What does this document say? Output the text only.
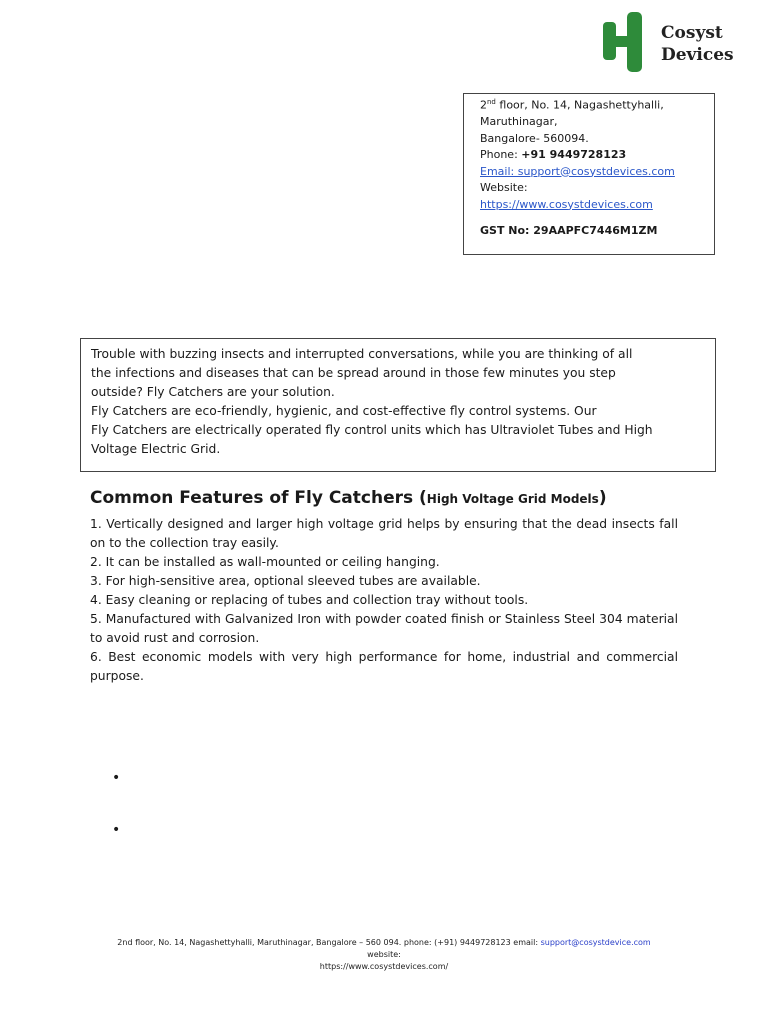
Cosyst
Devices
2nd floor, No. 14, Nagashettyhalli,
Maruthinagar,
Bangalore- 560094.
Phone: +91 9449728123
Email: support@cosystdevices.com
Website:
https://www.cosystdevices.com
GST No: 29AAPFC7446M1ZM
Trouble with buzzing insects and interrupted conversations, while you are thinking of all
the infections and diseases that can be spread around in those few minutes you step
outside? Fly Catchers are your solution.
Fly Catchers are eco-friendly, hygienic, and cost-effective fly control systems. Our
Fly Catchers are electrically operated fly control units which has Ultraviolet Tubes and High
Voltage Electric Grid.
Common Features of Fly Catchers (High Voltage Grid Models)
1. Vertically designed and larger high voltage grid helps by ensuring that the dead insects fall on to the collection tray easily.
2. It can be installed as wall-mounted or ceiling hanging.
3. For high-sensitive area, optional sleeved tubes are available.
4. Easy cleaning or replacing of tubes and collection tray without tools.
5. Manufactured with Galvanized Iron with powder coated finish or Stainless Steel 304 material to avoid rust and corrosion.
6. Best economic models with very high performance for home, industrial and commercial purpose.
•
•
2nd floor, No. 14, Nagashettyhalli, Maruthinagar, Bangalore – 560 094. phone: (+91) 9449728123 email: support@cosystdevice.com website:
https://www.cosystdevices.com/
